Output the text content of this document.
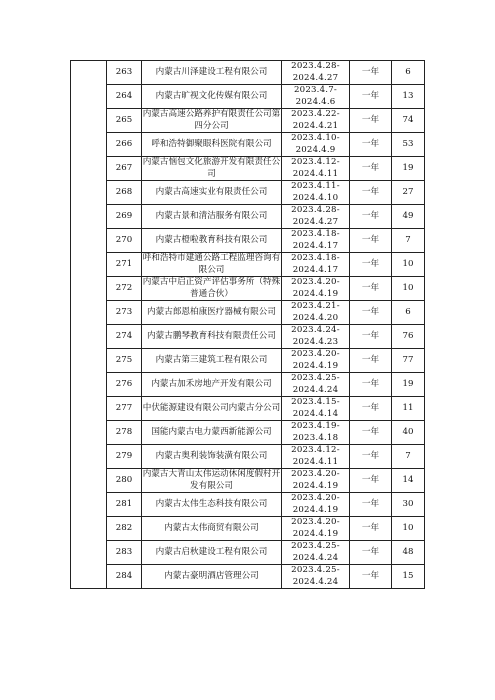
	263	内蒙古川泽建设工程有限公司	2023.4.28-2024.4.27	一年	6
	264	内蒙古旷视文化传媒有限公司	2023.4.7-2024.4.6	一年	13
	265	内蒙古高速公路养护有限责任公司第四分公司	2023.4.22-2024.4.21	一年	74
	266	呼和浩特御聚眼科医院有限公司	2023.4.10-2024.4.9	一年	53
	267	内蒙古恼包文化旅游开发有限责任公司	2023.4.12-2024.4.11	一年	19
	268	内蒙古高速实业有限责任公司	2023.4.11-2024.4.10	一年	27
	269	内蒙古景和清洁服务有限公司	2023.4.28-2024.4.27	一年	49
	270	内蒙古橙啦教育科技有限公司	2023.4.18-2024.4.17	一年	7
	271	呼和浩特市建通公路工程监理咨询有限公司	2023.4.18-2024.4.17	一年	10
	272	内蒙古中启正资产评估事务所（特殊普通合伙）	2023.4.20-2024.4.19	一年	10
	273	内蒙古郎恩柏康医疗器械有限公司	2023.4.21-2024.4.20	一年	6
	274	内蒙古鹏琴教育科技有限责任公司	2023.4.24-2024.4.23	一年	76
	275	内蒙古第三建筑工程有限公司	2023.4.20-2024.4.19	一年	77
	276	内蒙古加禾房地产开发有限公司	2023.4.25-2024.4.24	一年	19
	277	中伏能源建设有限公司内蒙古分公司	2023.4.15-2024.4.14	一年	11
	278	国能内蒙古电力蒙西新能源公司	2023.4.19-2023.4.18	一年	40
	279	内蒙古奥利装饰装潢有限公司	2023.4.12-2024.4.11	一年	7
	280	内蒙古大青山太伟运动休闲度假村开发有限公司	2023.4.20-2024.4.19	一年	14
	281	内蒙古太伟生态科技有限公司	2023.4.20-2024.4.19	一年	30
	282	内蒙古太伟商贸有限公司	2023.4.20-2024.4.19	一年	10
	283	内蒙古启秋建设工程有限公司	2023.4.25-2024.4.24	一年	48
	284	内蒙古豪明酒店管理公司	2023.4.25-2024.4.24	一年	15
